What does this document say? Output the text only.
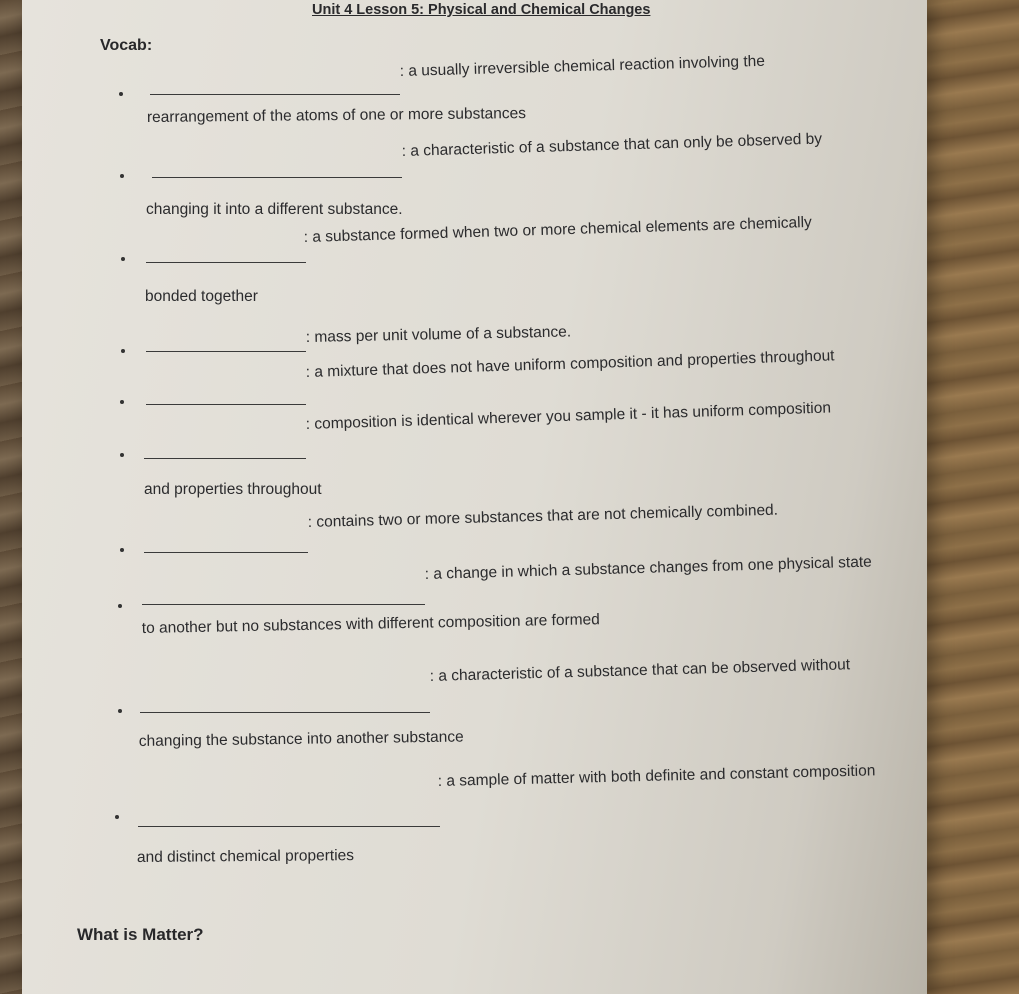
Unit 4 Lesson 5: Physical and Chemical Changes
Vocab:
: a usually irreversible chemical reaction involving the
rearrangement of the atoms of one or more substances
: a characteristic of a substance that can only be observed by
changing it into a different substance.
: a substance formed when two or more chemical elements are chemically
bonded together
: mass per unit volume of a substance.
: a mixture that does not have uniform composition and properties throughout
: composition is identical wherever you sample it - it has uniform composition
and properties throughout
: contains two or more substances that are not chemically combined.
: a change in which a substance changes from one physical state
to another but no substances with different composition are formed
: a characteristic of a substance that can be observed without
changing the substance into another substance
: a sample of matter with both definite and constant composition
and distinct chemical properties
What is Matter?
